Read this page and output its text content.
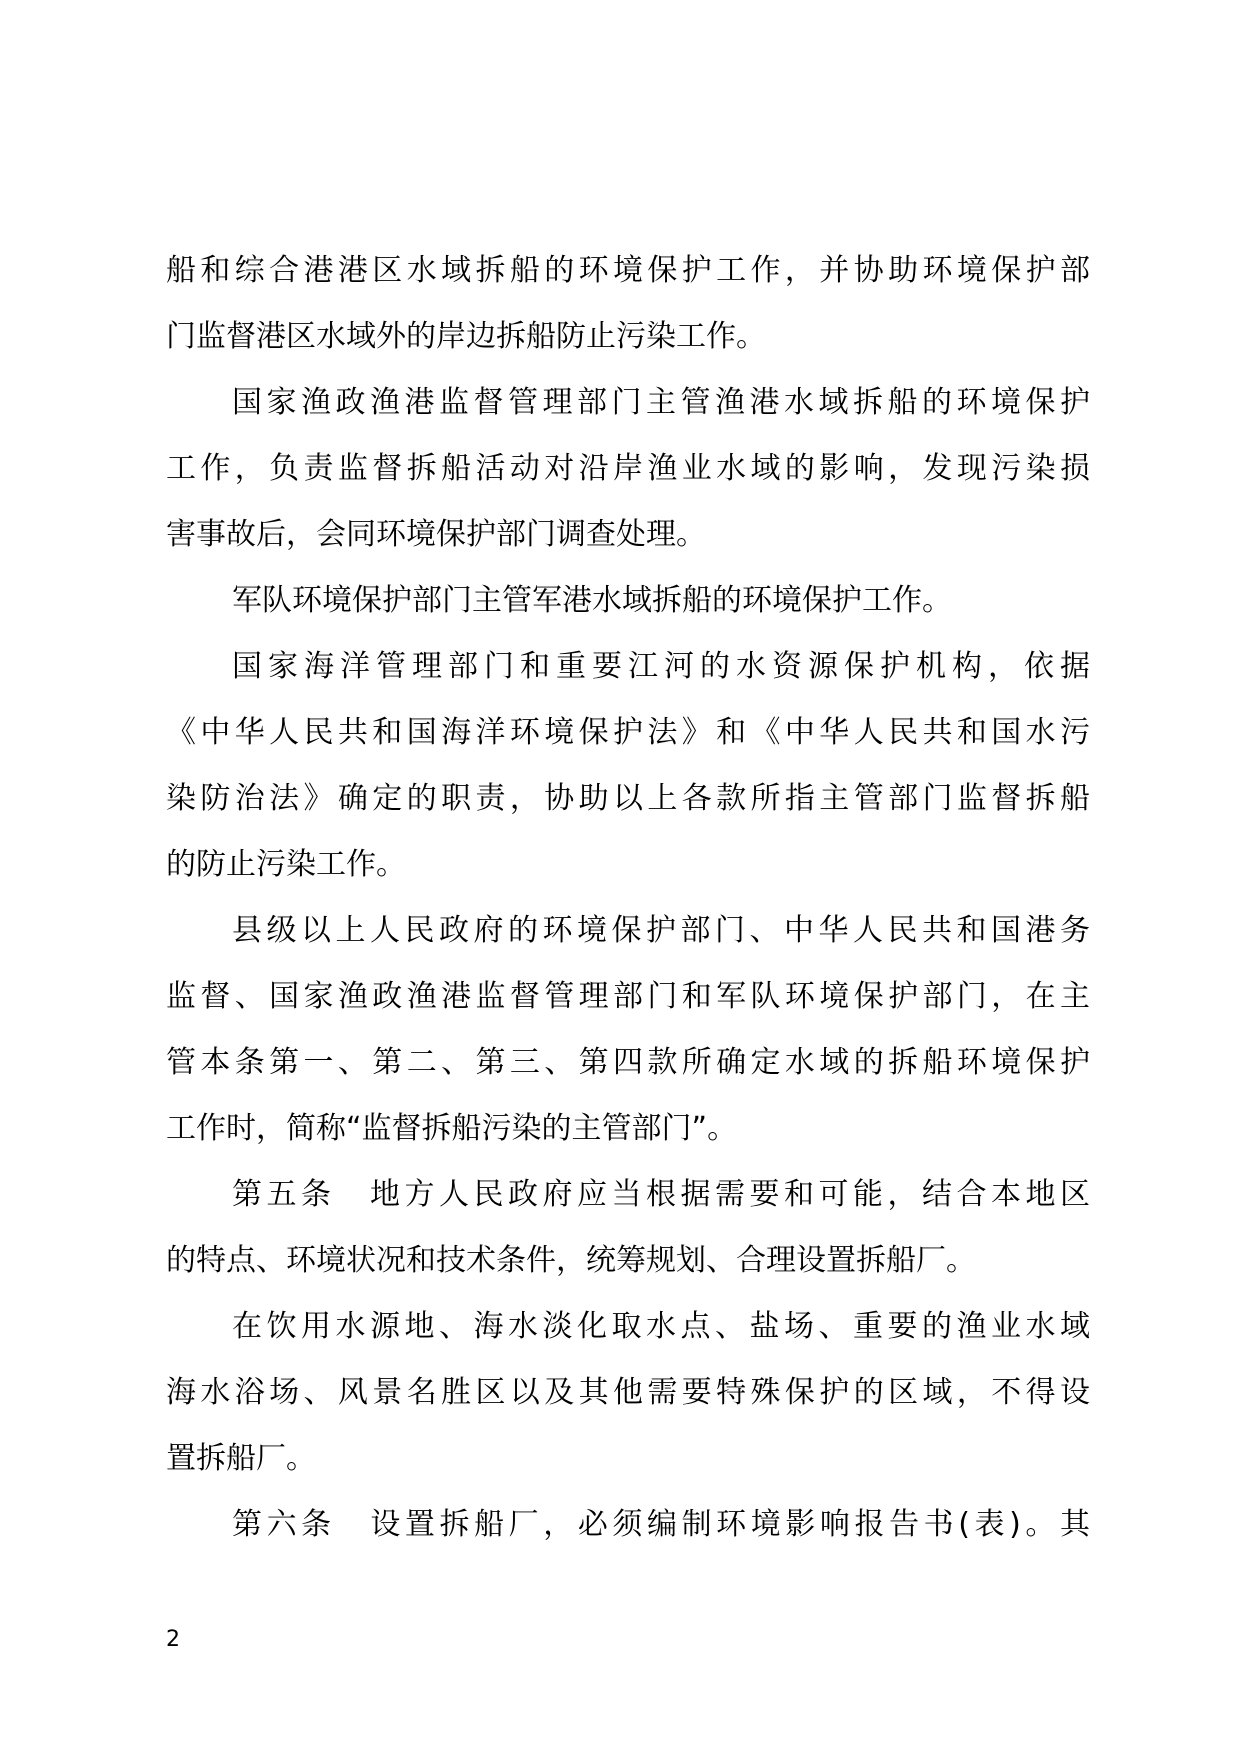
船和综合港港区水域拆船的环境保护工作，并协助环境保护部
门监督港区水域外的岸边拆船防止污染工作。
国家渔政渔港监督管理部门主管渔港水域拆船的环境保护
工作，负责监督拆船活动对沿岸渔业水域的影响，发现污染损
害事故后，会同环境保护部门调查处理。
军队环境保护部门主管军港水域拆船的环境保护工作。
国家海洋管理部门和重要江河的水资源保护机构，依据
《中华人民共和国海洋环境保护法》和《中华人民共和国水污
染防治法》确定的职责，协助以上各款所指主管部门监督拆船
的防止污染工作。
县级以上人民政府的环境保护部门、中华人民共和国港务
监督、国家渔政渔港监督管理部门和军队环境保护部门，在主
管本条第一、第二、第三、第四款所确定水域的拆船环境保护
工作时，简称“监督拆船污染的主管部门”。
第五条　地方人民政府应当根据需要和可能，结合本地区
的特点、环境状况和技术条件，统筹规划、合理设置拆船厂。
在饮用水源地、海水淡化取水点、盐场、重要的渔业水域
海水浴场、风景名胜区以及其他需要特殊保护的区域，不得设
置拆船厂。
第六条　设置拆船厂，必须编制环境影响报告书(表)。其
2
